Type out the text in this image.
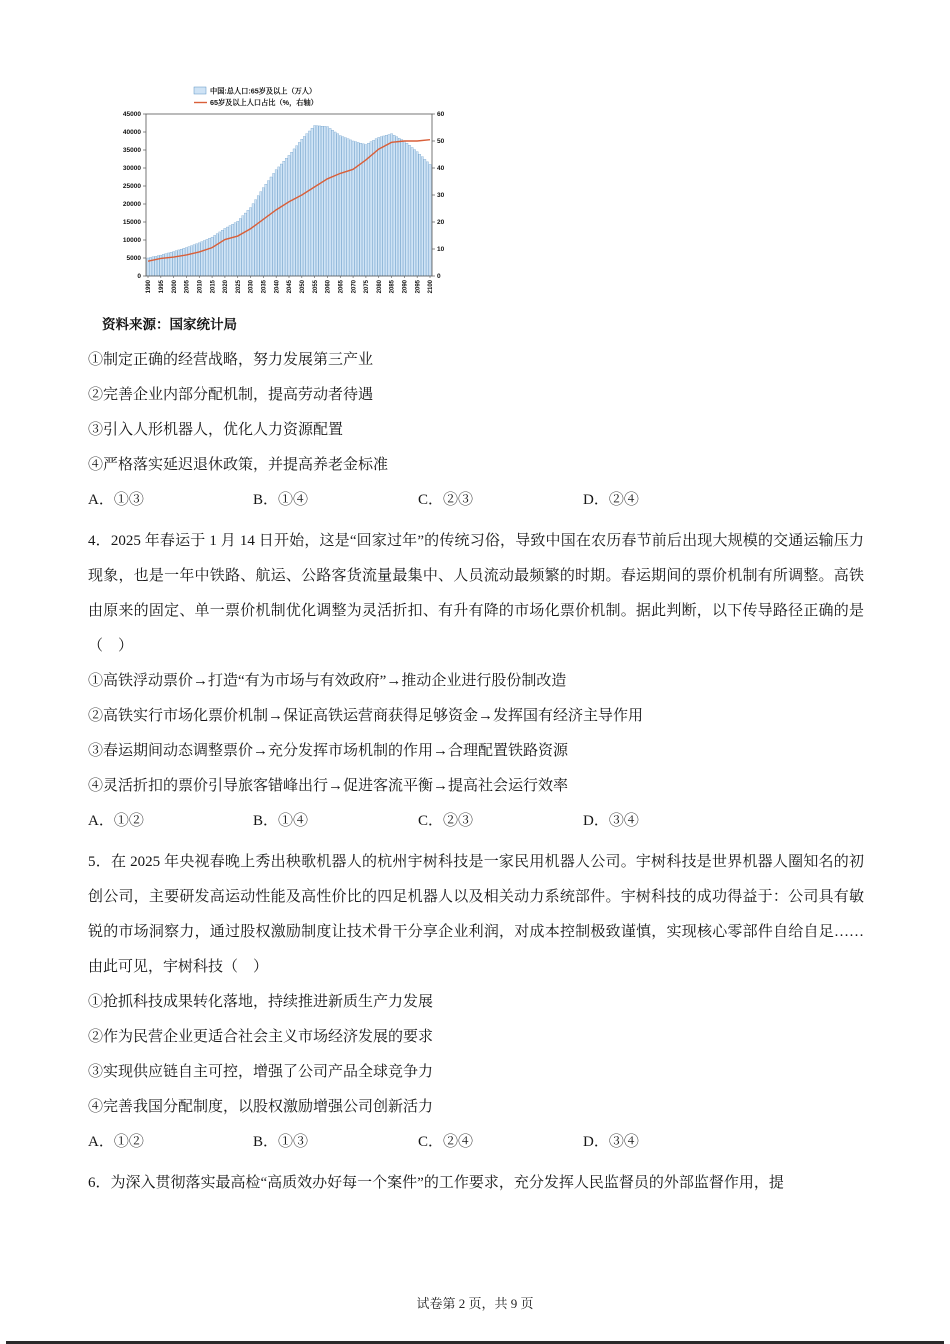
0
5000
10000
15000
20000
25000
30000
35000
40000
45000
0
10
20
30
40
50
60
1990 1995 2000 2005 2010 2015 2020 2025 2030 2035 2040 2045 2050 2055 2060 2065 2070 2075 2080 2085 2090 2095 2100
中国:总人口:65岁及以上（万人）
65岁及以上人口占比（%，右轴）
资料来源：国家统计局
①制定正确的经营战略，努力发展第三产业
②完善企业内部分配机制，提高劳动者待遇
③引入人形机器人，优化人力资源配置
④严格落实延迟退休政策，并提高养老金标准
A．①③	B．①④	C．②③	D．②④

4．2025 年春运于 1 月 14 日开始，这是“回家过年”的传统习俗，导致中国在农历春节前后出现大规模的交通运输压力现象，也是一年中铁路、航运、公路客货流量最集中、人员流动最频繁的时期。春运期间的票价机制有所调整。高铁由原来的固定、单一票价机制优化调整为灵活折扣、有升有降的市场化票价机制。据此判断，以下传导路径正确的是（　）

①高铁浮动票价→打造“有为市场与有效政府”→推动企业进行股份制改造
②高铁实行市场化票价机制→保证高铁运营商获得足够资金→发挥国有经济主导作用
③春运期间动态调整票价→充分发挥市场机制的作用→合理配置铁路资源
④灵活折扣的票价引导旅客错峰出行→促进客流平衡→提高社会运行效率
A．①②	B．①④	C．②③	D．③④

5．在 2025 年央视春晚上秀出秧歌机器人的杭州宇树科技是一家民用机器人公司。宇树科技是世界机器人圈知名的初创公司，主要研发高运动性能及高性价比的四足机器人以及相关动力系统部件。宇树科技的成功得益于：公司具有敏锐的市场洞察力，通过股权激励制度让技术骨干分享企业利润，对成本控制极致谨慎，实现核心零部件自给自足……由此可见，宇树科技（　）

①抢抓科技成果转化落地，持续推进新质生产力发展
②作为民营企业更适合社会主义市场经济发展的要求
③实现供应链自主可控，增强了公司产品全球竞争力
④完善我国分配制度，以股权激励增强公司创新活力
A．①②	B．①③	C．②④	D．③④

6．为深入贯彻落实最高检“高质效办好每一个案件”的工作要求，充分发挥人民监督员的外部监督作用，提

试卷第 2 页，共 9 页
